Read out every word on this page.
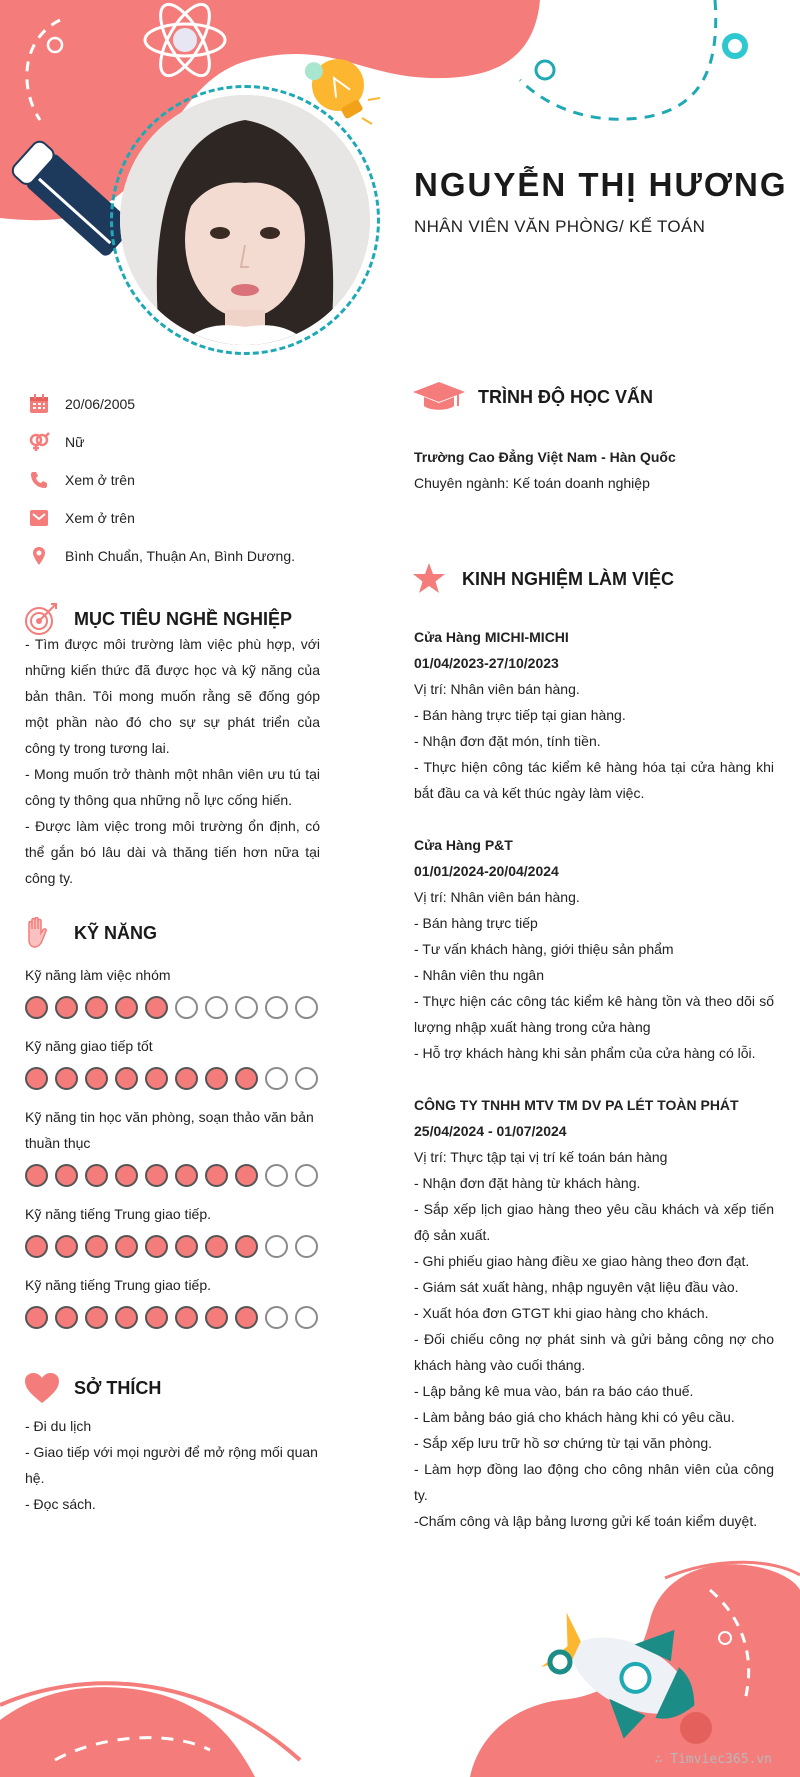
NGUYỄN THỊ HƯƠNG
NHÂN VIÊN VĂN PHÒNG/ KẾ TOÁN
20/06/2005
Nữ
Xem ở trên
Xem ở trên
Bình Chuẩn, Thuận An, Bình Dương.
MỤC TIÊU NGHỀ NGHIỆP

- Tìm được môi trường làm việc phù hợp, với những kiến thức đã được học và kỹ năng của bản thân. Tôi mong muốn rằng sẽ đống góp một phần nào đó cho sự sự phát triển của công ty trong tương lai.

- Mong muốn trở thành một nhân viên ưu tú tại công ty thông qua những nỗ lực cống hiến.

- Được làm việc trong môi trường ổn định, có thể gắn bó lâu dài và thăng tiến hơn nữa tại công ty.

KỸ NĂNG
Kỹ năng làm việc nhóm
Kỹ năng giao tiếp tốt
Kỹ năng tin học văn phòng, soạn thảo văn bản thuần thục
Kỹ năng tiếng Trung giao tiếp.
Kỹ năng tiếng Trung giao tiếp.
SỞ THÍCH
- Đi du lịch
- Giao tiếp với mọi người để mở rộng mối quan hệ.
- Đọc sách.
TRÌNH ĐỘ HỌC VẤN
Trường Cao Đẳng Việt Nam - Hàn Quốc
Chuyên ngành: Kế toán doanh nghiệp
KINH NGHIỆM LÀM VIỆC
Cửa Hàng MICHI-MICHI
01/04/2023-27/10/2023
Vị trí: Nhân viên bán hàng.
- Bán hàng trực tiếp tại gian hàng.
- Nhận đơn đặt món, tính tiền.
- Thực hiện công tác kiểm kê hàng hóa tại cửa hàng khi bắt đầu ca và kết thúc ngày làm việc.
Cửa Hàng P&T
01/01/2024-20/04/2024
Vị trí: Nhân viên bán hàng.
- Bán hàng trực tiếp
- Tư vấn khách hàng, giới thiệu sản phẩm
- Nhân viên thu ngân
- Thực hiện các công tác kiểm kê hàng tồn và theo dõi số lượng nhập xuất hàng trong cửa hàng
- Hỗ trợ khách hàng khi sản phẩm của cửa hàng có lỗi.
CÔNG TY TNHH MTV TM DV PA LÉT TOÀN PHÁT
25/04/2024 - 01/07/2024
Vị trí: Thực tập tại vị trí kế toán bán hàng
- Nhận đơn đặt hàng từ khách hàng.
- Sắp xếp lịch giao hàng theo yêu cầu khách và xếp tiến độ sản xuất.
- Ghi phiếu giao hàng điều xe giao hàng theo đơn đạt.
- Giám sát xuất hàng, nhập nguyên vật liệu đầu vào.
- Xuất hóa đơn GTGT khi giao hàng cho khách.
- Đối chiếu công nợ phát sinh và gửi bảng công nợ cho khách hàng vào cuối tháng.
- Lập bảng kê mua vào, bán ra báo cáo thuế.
- Làm bảng báo giá cho khách hàng khi có yêu cầu.
- Sắp xếp lưu trữ hồ sơ chứng từ tại văn phòng.
- Làm hợp đồng lao động cho công nhân viên của công ty.
-Chấm công và lập bảng lương gửi kế toán kiểm duyệt.
∴ Timviec365.vn
